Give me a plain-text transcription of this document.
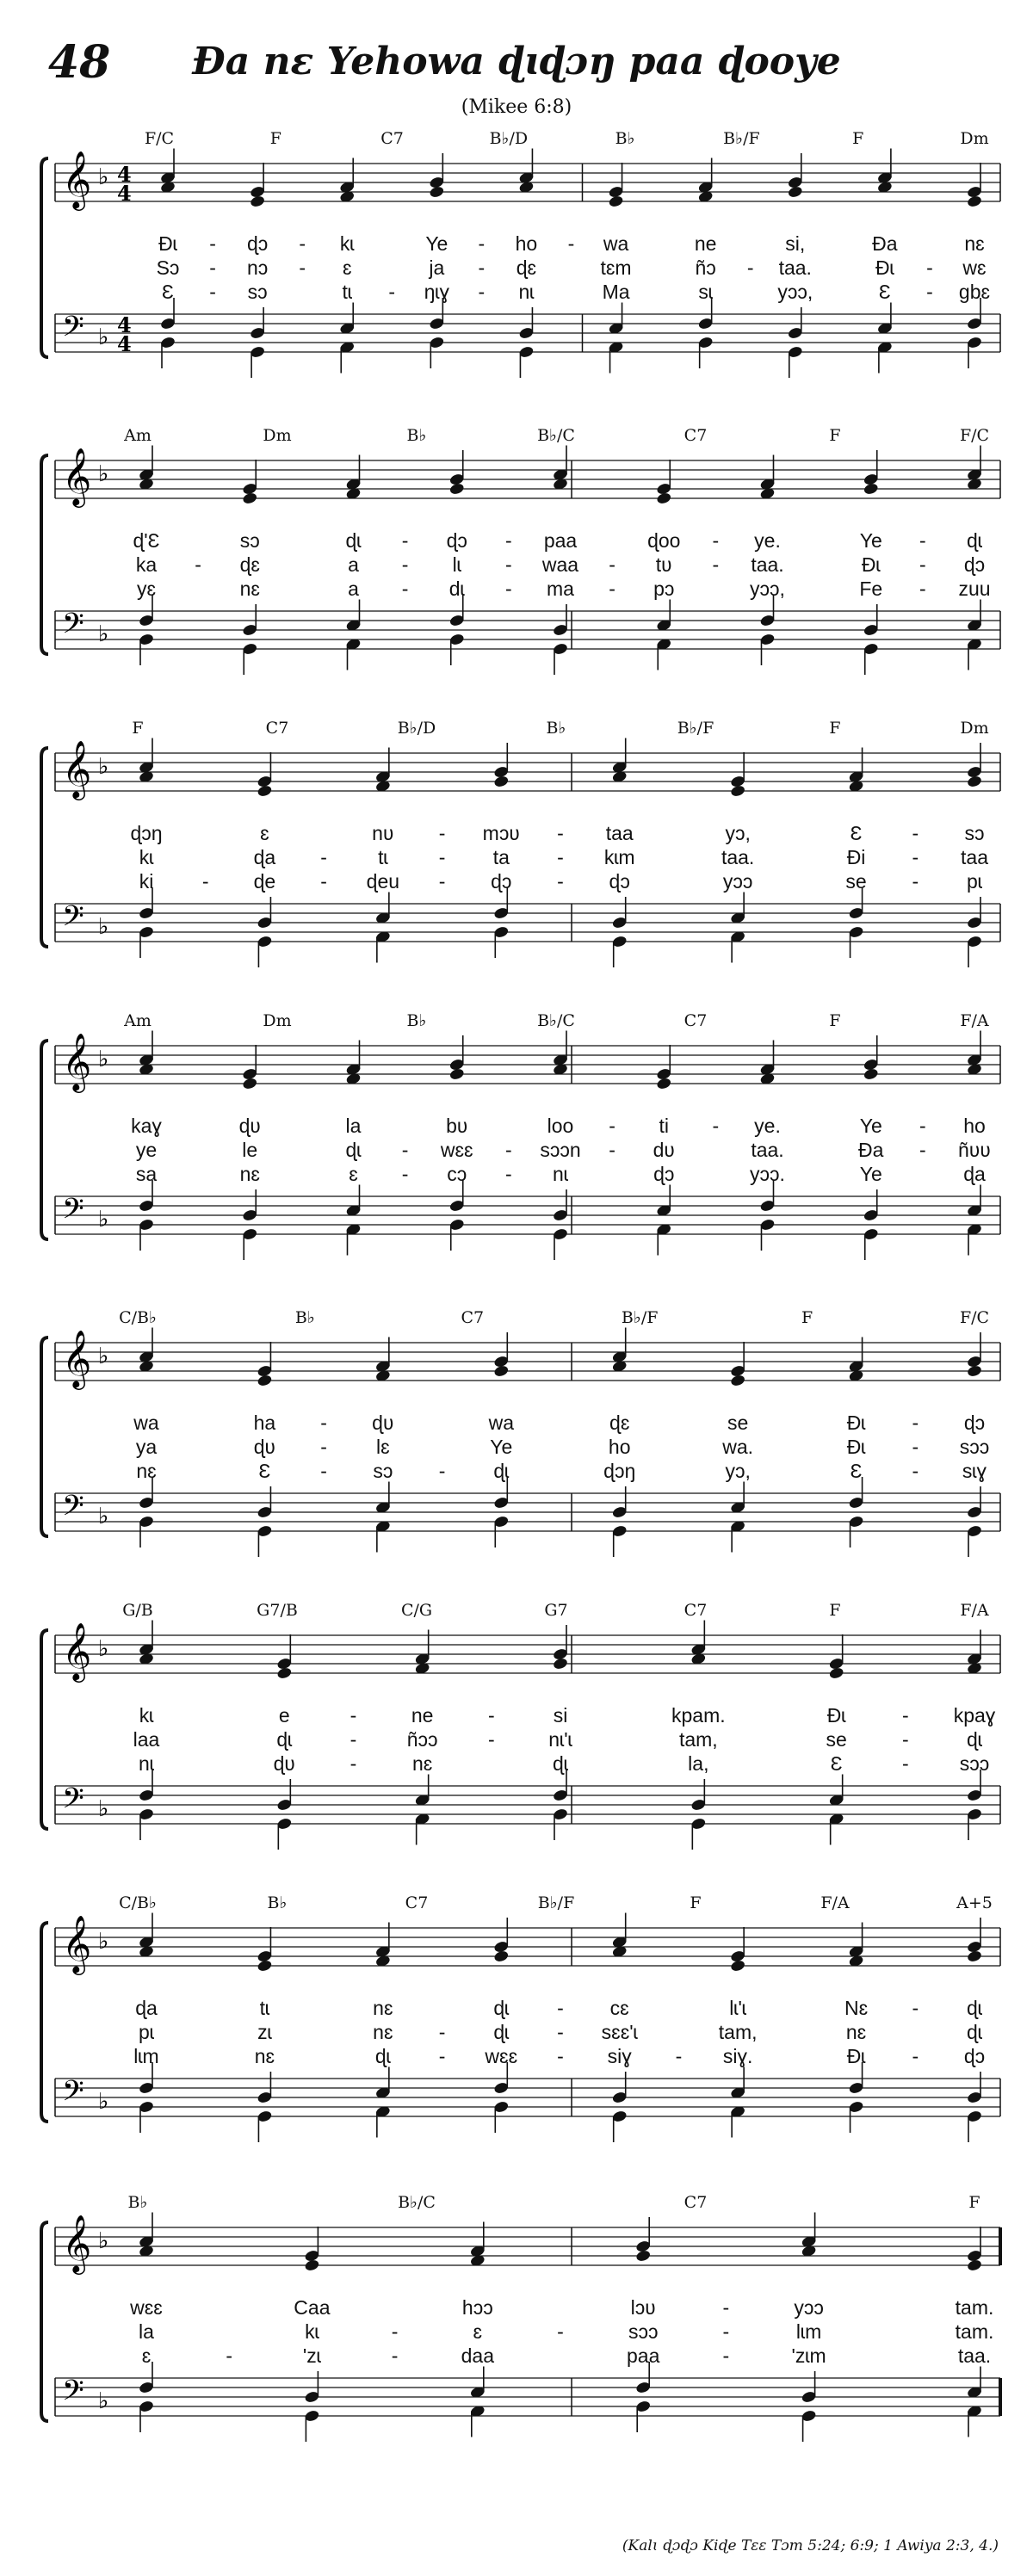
48	Ɖa nɛ Yehowa ɖɩɖɔŋ paa ɖooye
(Mikee 6:8)
𝄞
𝄢
♭
♭
4
4
4
4
F/C	F	C7	B♭/D	B♭	B♭/F	F	Dm
Ɖɩ - ɖɔ - kɩ	Ye - ho - wa	ne	si,	Ɖa	nɛ
Sɔ - nɔ - ɛ	ja - ɖɛ	tɛm	ñɔ - taa.	Ɖɩ - wɛ
Ɛ - sɔ	tɩ - ŋɩɣ - nɩ	Ma	sɩ	yɔɔ,	Ɛ - gbɛ
𝄞
𝄢
♭
♭
Am	Dm	B♭	B♭/C	C7	F	F/C
ɖ'Ɛ	sɔ	ɖɩ - ɖɔ - paa	ɖoo - ye.	Ye - ɖɩ
ka - ɖɛ	a - lɩ - waa - tʋ - taa.	Ɖɩ - ɖɔ
yɛ	nɛ	a - dɩ - ma - pɔ	yɔɔ,	Fe - zuu
𝄞
𝄢
♭
♭
F	C7	B♭/D	B♭	B♭/F	F	Dm
ɖɔŋ	ɛ	nʋ - mɔʋ - taa	yɔ,	Ɛ	- sɔ
kɩ	ɖa -	tɩ	- ta - kɩm	taa.	Ɖi - taa
ki - ɖe - ɖeu - ɖɔ - ɖɔ	yɔɔ	se - pɩ
𝄞
𝄢
♭
♭
Am	Dm	B♭	B♭/C	C7	F	F/A
kaɣ	ɖʋ	la	bʋ	loo - ti - ye.	Ye - ho
ye	le	ɖɩ - wɛɛ - sɔɔn - dʋ	taa.	Ɖa - ñʋʋ
sa	nɛ	ɛ - cɔ - nɩ	ɖɔ	yɔɔ.	Ye	ɖa
𝄞
𝄢
♭
♭
C/B♭	B♭	C7	B♭/F	F	F/C
wa	ha - ɖʋ	wa	ɖɛ	se	Ɖɩ - ɖɔ
ya	ɖʋ - lɛ	Ye	ho	wa.	Ɖɩ - sɔɔ
nɛ	Ɛ	- sɔ - ɖɩ	ɖɔŋ	yɔ,	Ɛ	- sɩɣ
𝄞
𝄢
♭
♭
G/B	G7/B	C/G	G7	C7	F	F/A
kɩ	e	-	ne	-	si	kpam.	Ɖɩ	- kpaɣ
laa	ɖɩ	-	ñɔɔ	-	nɩ'ɩ	tam,	se	-	ɖɩ
nɩ	ɖʋ	-	nɛ	ɖɩ	la,	Ɛ	-	sɔɔ
𝄞
𝄢
♭
♭
C/B♭	B♭	C7	B♭/F	F	F/A	A+5
ɖa	tɩ	nɛ	ɖɩ - cɛ	lɩ'ɩ	Nɛ - ɖɩ
pɩ	zɩ	nɛ - ɖɩ - sɛɛ'ɩ	tam,	nɛ	ɖɩ
lɩm	nɛ	ɖɩ - wɛɛ - siɣ - siɣ.	Ɖɩ - ɖɔ
𝄞
𝄢
♭
♭
B♭	B♭/C	C7	F
wɛɛ	Caa	hɔɔ	lɔʋ	-	yɔɔ	tam.
la	kɩ	-	ɛ	-	sɔɔ	-	lɩm	tam.
ɛ	-	'zɩ	-	daa	paa	-	'zɩm	taa.
(Kalɩ ɖɔɖɔ Kiɖe Tɛɛ Tɔm 5:24; 6:9; 1 Awiya 2:3, 4.)
